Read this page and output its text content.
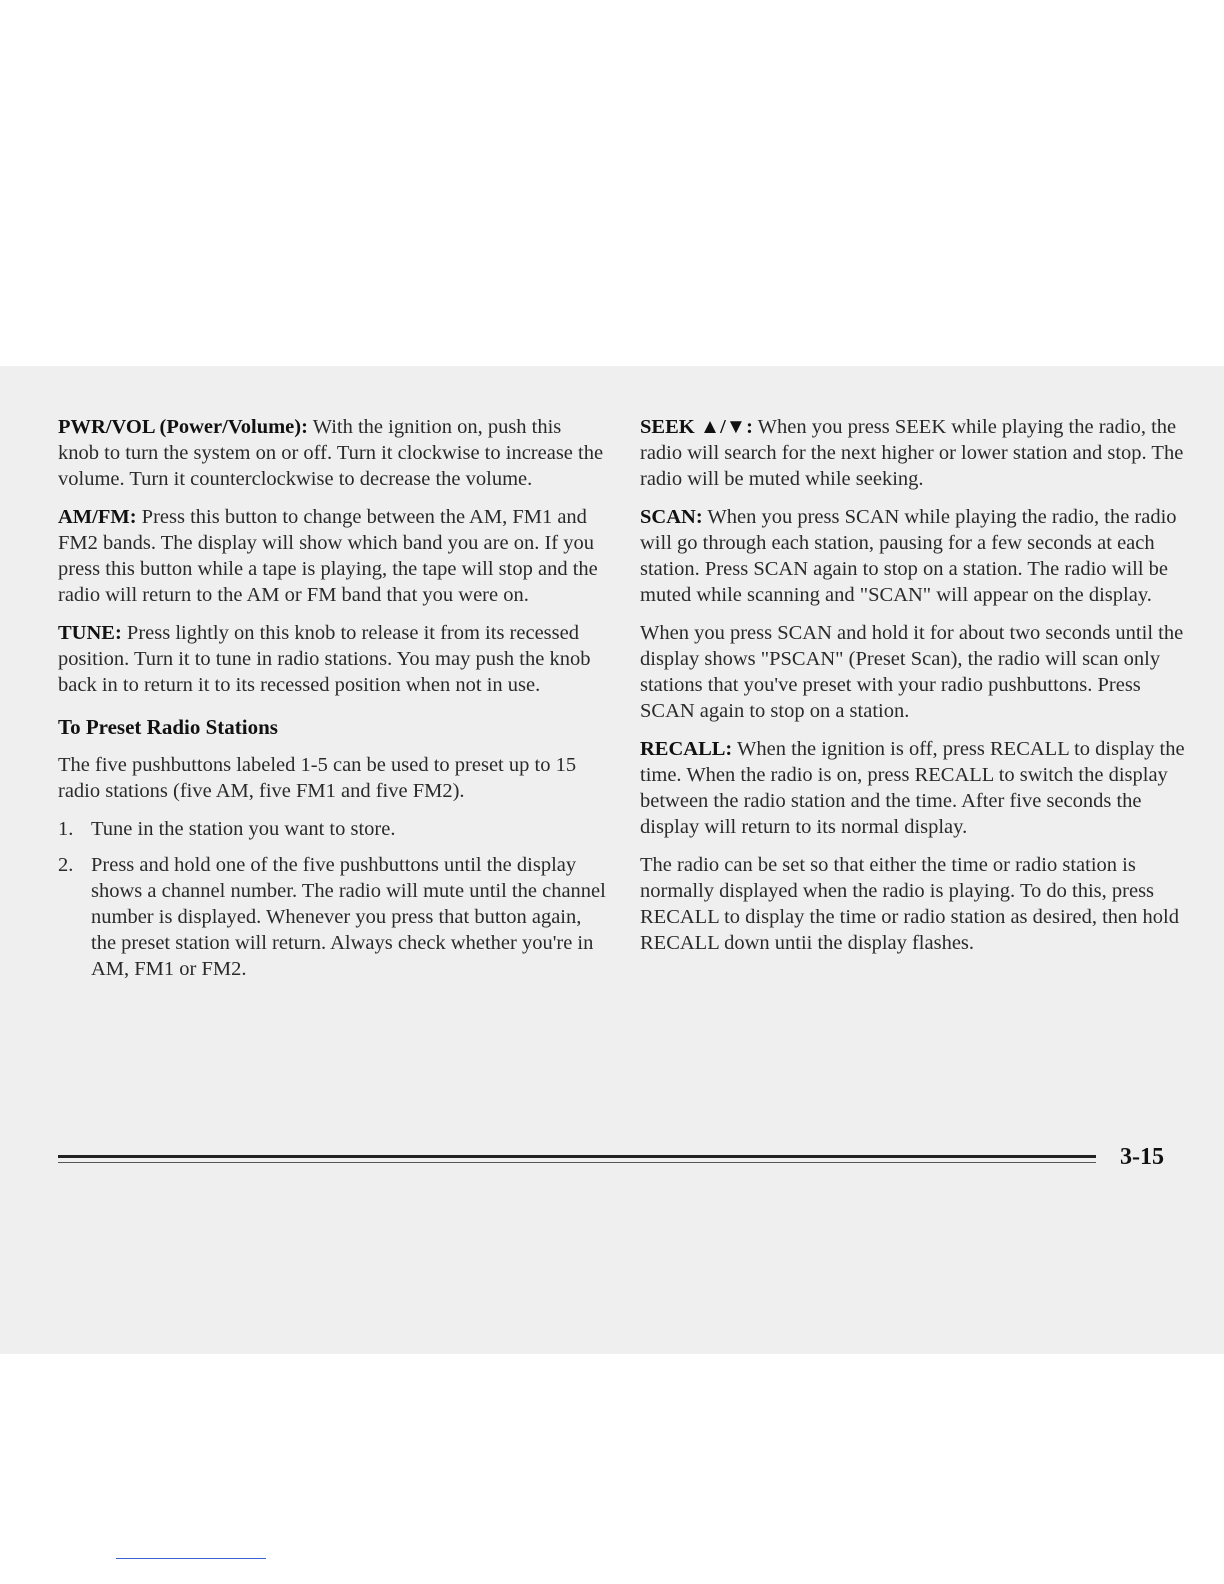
PWR/VOL (Power/Volume): With the ignition on, push this knob to turn the system on or off. Turn it clockwise to increase the volume. Turn it counterclockwise to decrease the volume.

AM/FM: Press this button to change between the AM, FM1 and FM2 bands. The display will show which band you are on. If you press this button while a tape is playing, the tape will stop and the radio will return to the AM or FM band that you were on.

TUNE: Press lightly on this knob to release it from its recessed position. Turn it to tune in radio stations. You may push the knob back in to return it to its recessed position when not in use.

To Preset Radio Stations

The five pushbuttons labeled 1-5 can be used to preset up to 15 radio stations (five AM, five FM1 and five FM2).

1. Tune in the station you want to store.
2. Press and hold one of the five pushbuttons until the display shows a channel number. The radio will mute until the channel number is displayed. Whenever you press that button again, the preset station will return. Always check whether you're in AM, FM1 or FM2.

SEEK ▲/▼: When you press SEEK while playing the radio, the radio will search for the next higher or lower station and stop. The radio will be muted while seeking.

SCAN: When you press SCAN while playing the radio, the radio will go through each station, pausing for a few seconds at each station. Press SCAN again to stop on a station. The radio will be muted while scanning and "SCAN" will appear on the display.

When you press SCAN and hold it for about two seconds until the display shows "PSCAN" (Preset Scan), the radio will scan only stations that you've preset with your radio pushbuttons. Press SCAN again to stop on a station.

RECALL: When the ignition is off, press RECALL to display the time. When the radio is on, press RECALL to switch the display between the radio station and the time. After five seconds the display will return to its normal display.

The radio can be set so that either the time or radio station is normally displayed when the radio is playing. To do this, press RECALL to display the time or radio station as desired, then hold RECALL down untii the display flashes.

3-15
